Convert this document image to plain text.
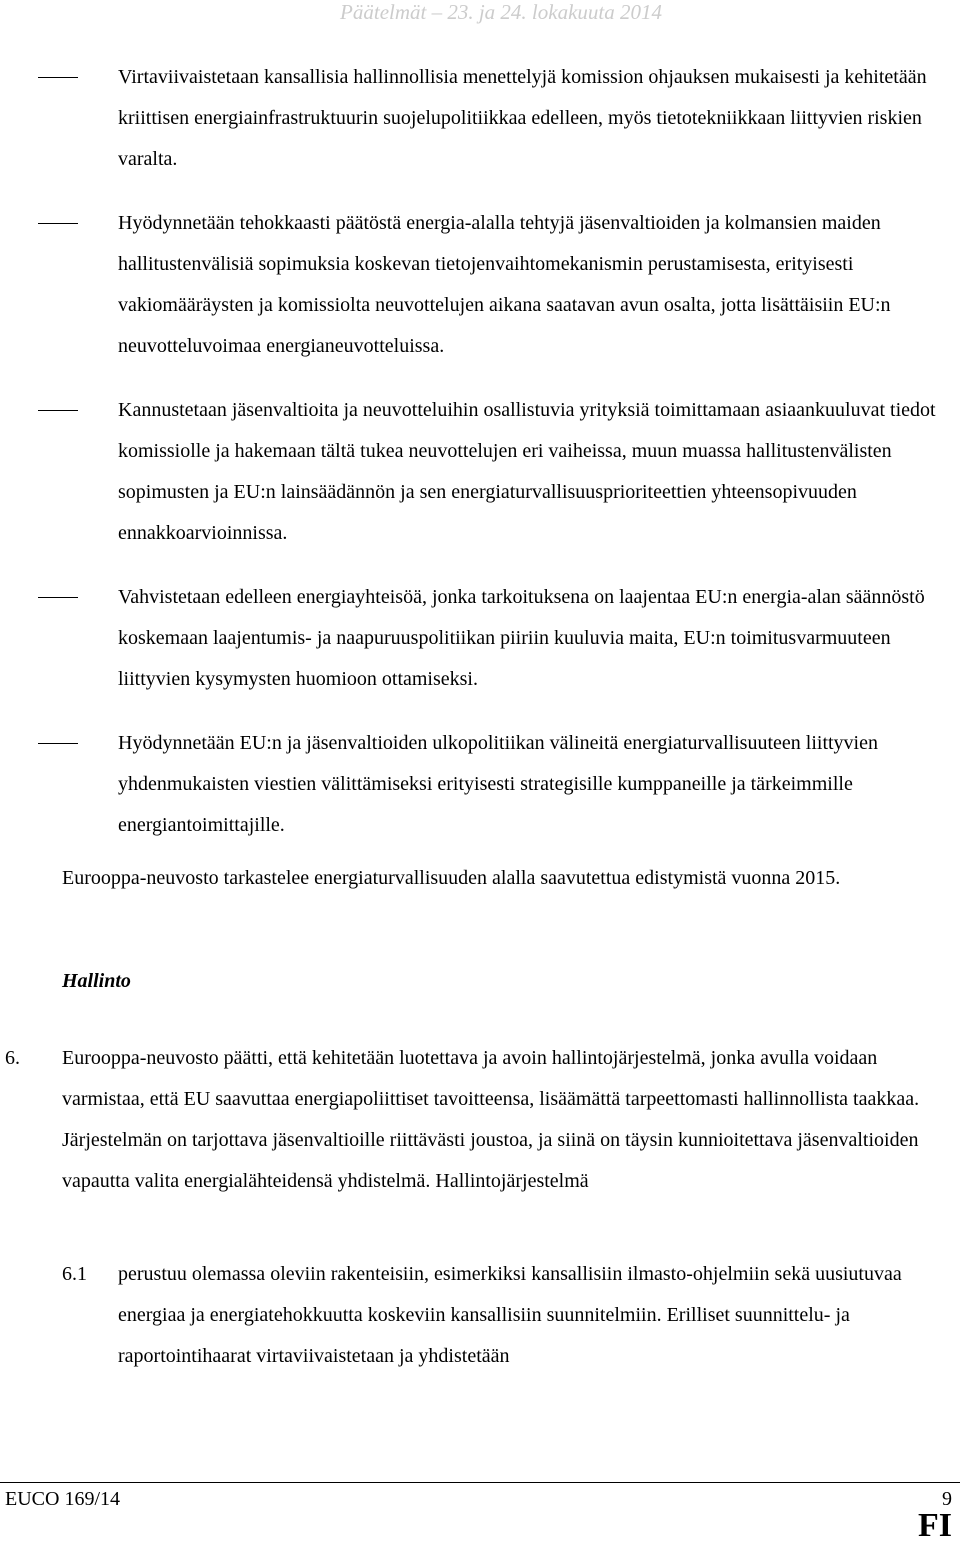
Päätelmät – 23. ja 24. lokakuuta 2014
Virtaviivaistetaan kansallisia hallinnollisia menettelyjä komission ohjauksen mukaisesti ja kehitetään kriittisen energiainfrastruktuurin suojelupolitiikkaa edelleen, myös tietotekniikkaan liittyvien riskien varalta.
Hyödynnetään tehokkaasti päätöstä energia-alalla tehtyjä jäsenvaltioiden ja kolmansien maiden hallitustenvälisiä sopimuksia koskevan tietojenvaihtomekanismin perustamisesta, erityisesti vakiomääräysten ja komissiolta neuvottelujen aikana saatavan avun osalta, jotta lisättäisiin EU:n neuvotteluvoimaa energianeuvotteluissa.
Kannustetaan jäsenvaltioita ja neuvotteluihin osallistuvia yrityksiä toimittamaan asiaankuuluvat tiedot komissiolle ja hakemaan tältä tukea neuvottelujen eri vaiheissa, muun muassa hallitustenvälisten sopimusten ja EU:n lainsäädännön ja sen energiaturvallisuusprioriteettien yhteensopivuuden ennakkoarvioinnissa.
Vahvistetaan edelleen energiayhteisöä, jonka tarkoituksena on laajentaa EU:n energia-alan säännöstö koskemaan laajentumis- ja naapuruuspolitiikan piiriin kuuluvia maita, EU:n toimitusvarmuuteen liittyvien kysymysten huomioon ottamiseksi.
Hyödynnetään EU:n ja jäsenvaltioiden ulkopolitiikan välineitä energiaturvallisuuteen liittyvien yhdenmukaisten viestien välittämiseksi erityisesti strategisille kumppaneille ja tärkeimmille energiantoimittajille.
Eurooppa-neuvosto tarkastelee energiaturvallisuuden alalla saavutettua edistymistä vuonna 2015.
Hallinto
6. Eurooppa-neuvosto päätti, että kehitetään luotettava ja avoin hallintojärjestelmä, jonka avulla voidaan varmistaa, että EU saavuttaa energiapoliittiset tavoitteensa, lisäämättä tarpeettomasti hallinnollista taakkaa. Järjestelmän on tarjottava jäsenvaltioille riittävästi joustoa, ja siinä on täysin kunnioitettava jäsenvaltioiden vapautta valita energialähteidensä yhdistelmä. Hallintojärjestelmä
6.1 perustuu olemassa oleviin rakenteisiin, esimerkiksi kansallisiin ilmasto-ohjelmiin sekä uusiutuvaa energiaa ja energiatehokkuutta koskeviin kansallisiin suunnitelmiin. Erilliset suunnittelu- ja raportointihaarat virtaviivaistetaan ja yhdistetään
EUCO 169/14	9
FI
